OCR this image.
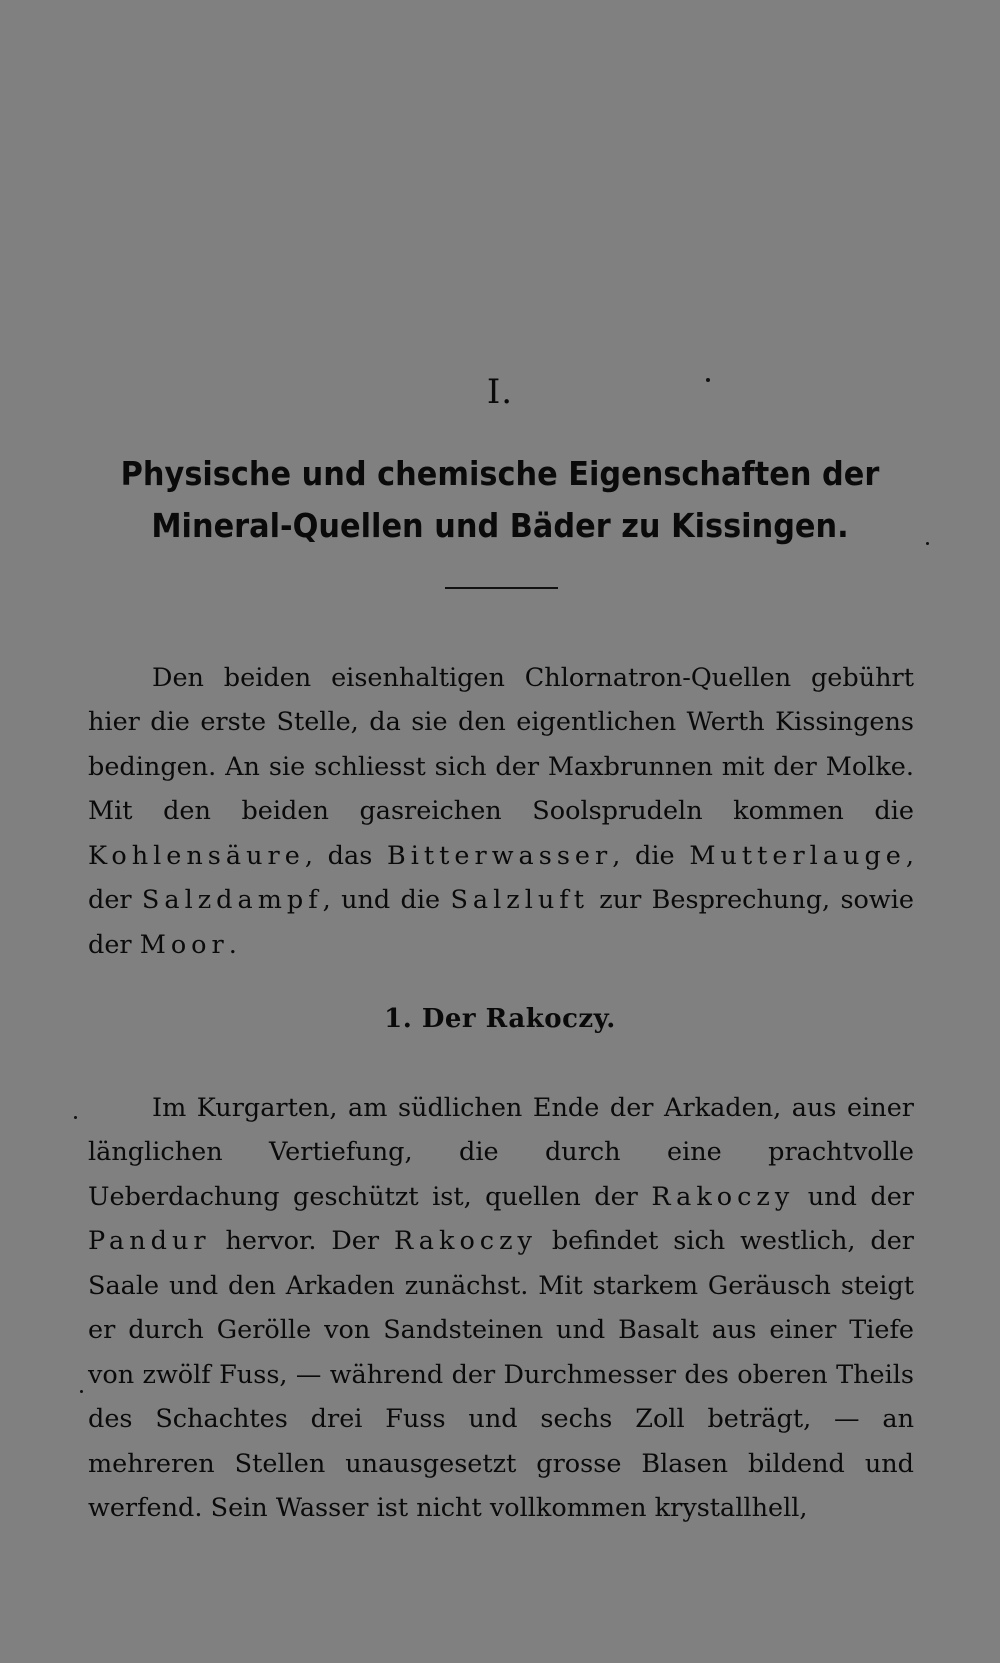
I.
Physische und chemische Eigenschaften der Mineral-Quellen und Bäder zu Kissingen.

Den beiden eisenhaltigen Chlornatron-Quellen gebührt hier die erste Stelle, da sie den eigentlichen Werth Kissingens bedingen. An sie schliesst sich der Maxbrunnen mit der Molke. Mit den beiden gasreichen Soolsprudeln kommen die Kohlensäure, das Bitterwasser, die Mutterlauge, der Salzdampf, und die Salzluft zur Besprechung, sowie der Moor.

1. Der Rakoczy.

Im Kurgarten, am südlichen Ende der Arkaden, aus einer länglichen Vertiefung, die durch eine prachtvolle Ueberdachung geschützt ist, quellen der Rakoczy und der Pandur hervor. Der Rakoczy befindet sich westlich, der Saale und den Arkaden zunächst. Mit starkem Geräusch steigt er durch Gerölle von Sandsteinen und Basalt aus einer Tiefe von zwölf Fuss, — während der Durchmesser des oberen Theils des Schachtes drei Fuss und sechs Zoll beträgt, — an mehreren Stellen unausgesetzt grosse Blasen bildend und werfend. Sein Wasser ist nicht vollkommen krystallhell,
